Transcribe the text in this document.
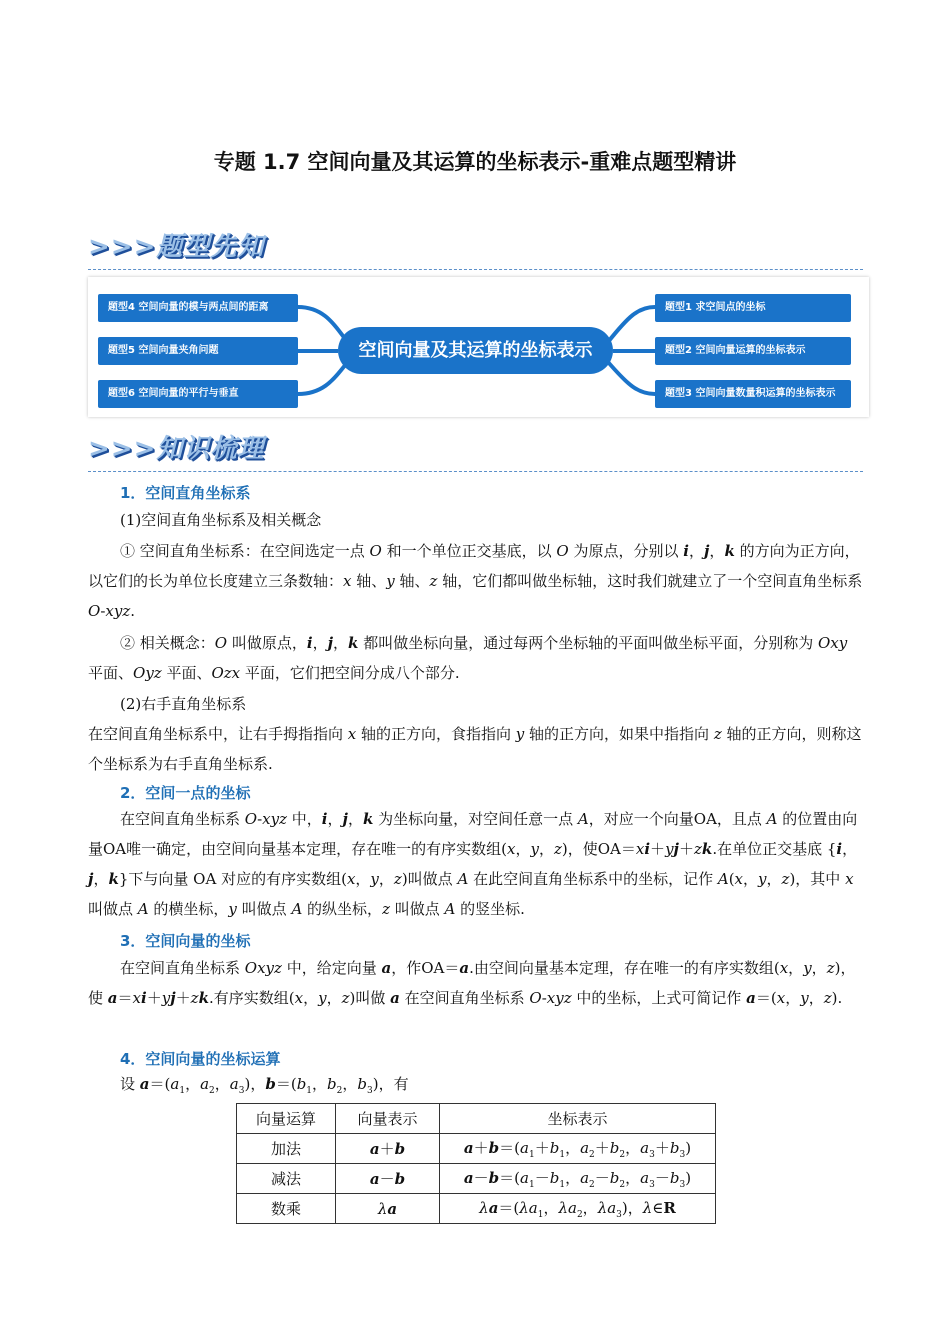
专题 1.7 空间向量及其运算的坐标表示-重难点题型精讲
>>>题型先知
题型4 空间向量的模与两点间的距离
题型5 空间向量夹角问题
题型6 空间向量的平行与垂直
空间向量及其运算的坐标表示
题型1 求空间点的坐标
题型2 空间向量运算的坐标表示
题型3 空间向量数量积运算的坐标表示
>>>知识梳理
1．空间直角坐标系
(1)空间直角坐标系及相关概念
① 空间直角坐标系：在空间选定一点 O 和一个单位正交基底，以 O 为原点，分别以 i，j，k 的方向为正方向，以它们的长为单位长度建立三条数轴：x 轴、y 轴、z 轴，它们都叫做坐标轴，这时我们就建立了一个空间直角坐标系 O-xyz.
② 相关概念：O 叫做原点，i，j，k 都叫做坐标向量，通过每两个坐标轴的平面叫做坐标平面，分别称为 Oxy 平面、Oyz 平面、Ozx 平面，它们把空间分成八个部分.
(2)右手直角坐标系
在空间直角坐标系中，让右手拇指指向 x 轴的正方向，食指指向 y 轴的正方向，如果中指指向 z 轴的正方向，则称这个坐标系为右手直角坐标系.
2．空间一点的坐标
在空间直角坐标系 O-xyz 中，i，j，k 为坐标向量，对空间任意一点 A，对应一个向量OA，且点 A 的位置由向量OA唯一确定，由空间向量基本定理，存在唯一的有序实数组(x，y，z)，使OA＝xi＋yj＋zk.在单位正交基底 {i，j，k}下与向量 OA 对应的有序实数组(x，y，z)叫做点 A 在此空间直角坐标系中的坐标，记作 A(x，y，z)，其中 x 叫做点 A 的横坐标，y 叫做点 A 的纵坐标，z 叫做点 A 的竖坐标.
3．空间向量的坐标
在空间直角坐标系 Oxyz 中，给定向量 a，作OA＝a.由空间向量基本定理，存在唯一的有序实数组(x，y，z)，使 a＝xi＋yj＋zk.有序实数组(x，y，z)叫做 a 在空间直角坐标系 O-xyz 中的坐标，上式可简记作 a＝(x，y，z).
4．空间向量的坐标运算
设 $a=(a_1$，$a_2$，$a_3$)，$b=(b_1$，$b_2$，$b_3$)，有
向量运算	向量表示	坐标表示
加法	a＋b	$a+b=(a_1+b_1$，$a_2+b_2$，$a_3+b_3$)
减法	a－b	$a-b=(a_1-b_1$，$a_2-b_2$，$a_3-b_3$)
数乘	λa	$\lambda a=(\lambda a_1$，$\lambda a_2$，$\lambda a_3$)，λ∈R
